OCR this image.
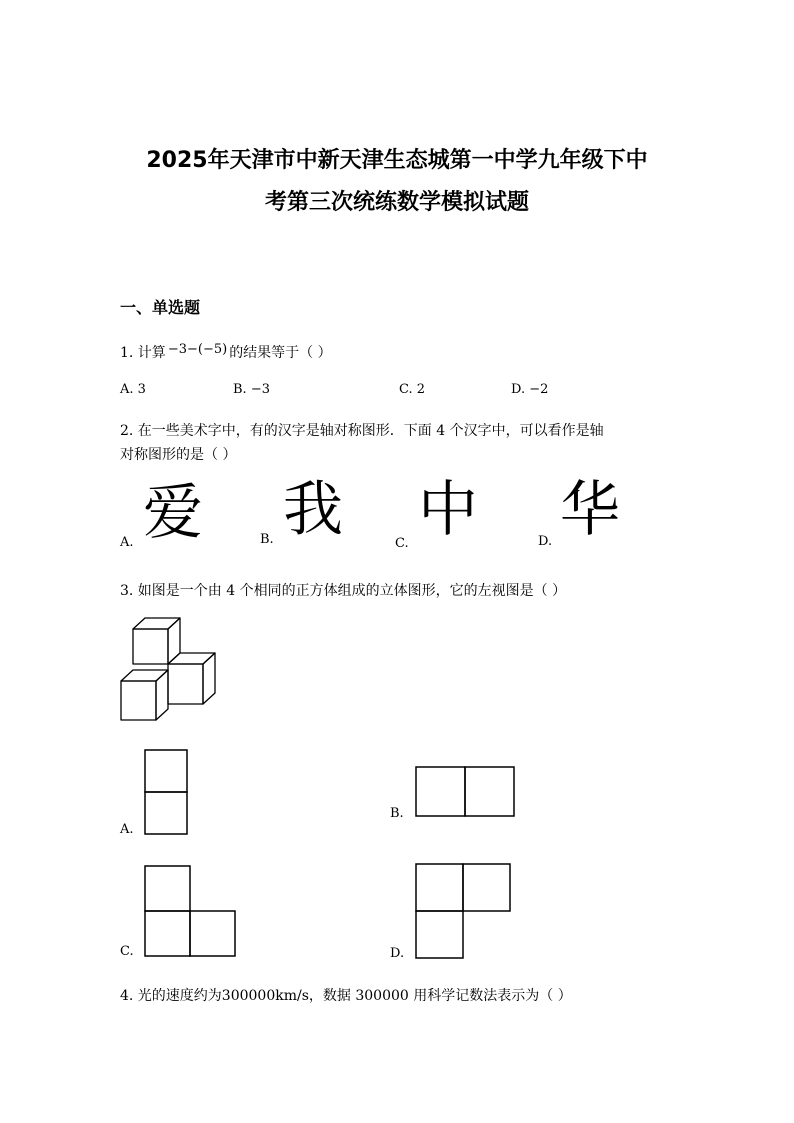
2025年天津市中新天津生态城第一中学九年级下中
考第三次统练数学模拟试题
一、单选题
1. 计算 −3−(−5) 的结果等于（ ）
A. 3	B. −3	C. 2	D. −2
2. 在一些美术字中，有的汉字是轴对称图形．下面 4 个汉字中，可以看作是轴
对称图形的是（ ）
A. 爱	B. 我	C. 中	D. 华
3. 如图是一个由 4 个相同的正方体组成的立体图形，它的左视图是（ ）
A.
B.
C.	D.
4. 光的速度约为300000km/s，数据 300000 用科学记数法表示为（ ）
